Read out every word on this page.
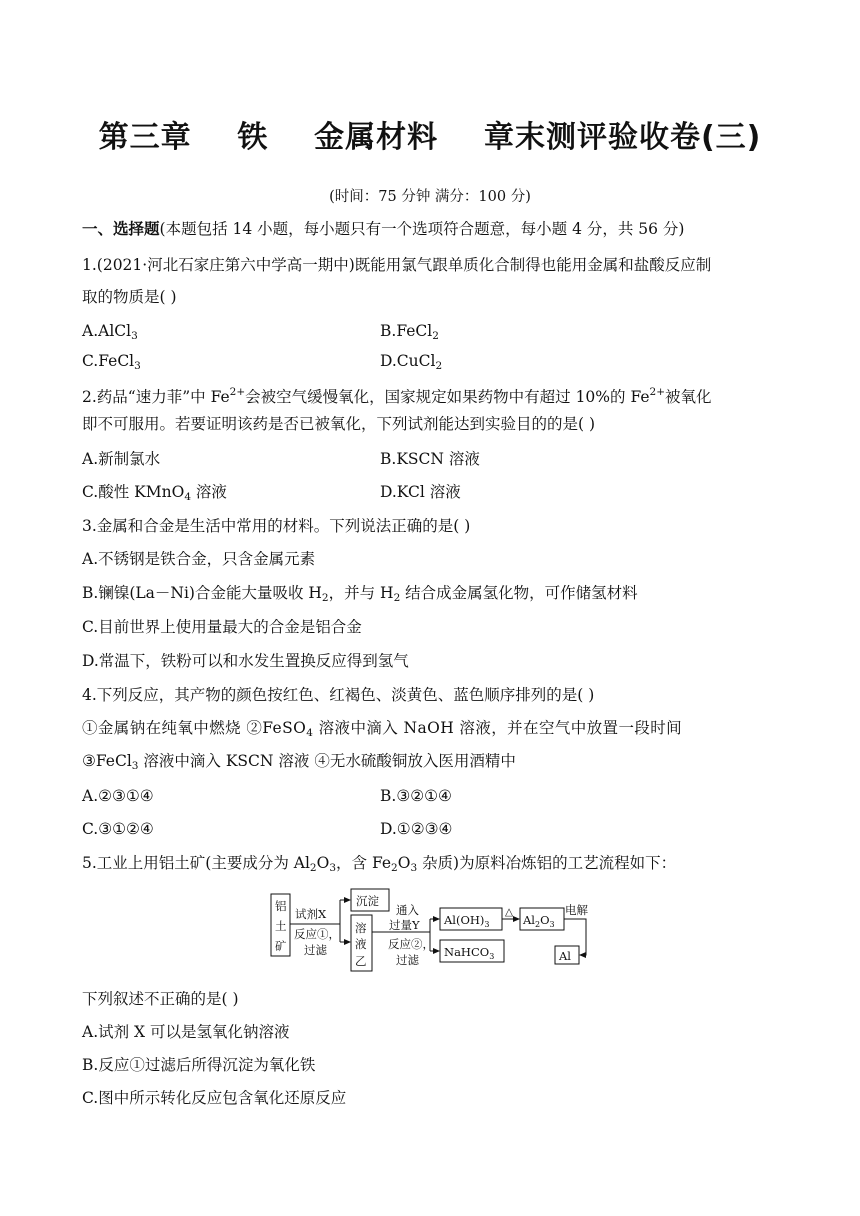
第三章    铁    金属材料    章末测评验收卷(三)
(时间：75 分钟 满分：100 分)
一、选择题(本题包括 14 小题，每小题只有一个选项符合题意，每小题 4 分，共 56 分)
1.(2021·河北石家庄第六中学高一期中)既能用氯气跟单质化合制得也能用金属和盐酸反应制
取的物质是( )
A.AlCl$_3$	B.FeCl$_2$
C.FeCl$_3$	D.CuCl$_2$
2.药品“速力菲”中 $Fe^{2+}$会被空气缓慢氧化，国家规定如果药物中有超过 10%的 $Fe^{2+}$被氧化
即不可服用。若要证明该药是否已被氧化，下列试剂能达到实验目的的是( )
A.新制氯水	B.KSCN 溶液
C.酸性 KMnO$_4$ 溶液	D.KCl 溶液
3.金属和合金是生活中常用的材料。下列说法正确的是( )
A.不锈钢是铁合金，只含金属元素
B.镧镍(La－Ni)合金能大量吸收 $H_2$，并与 $H_2$ 结合成金属氢化物，可作储氢材料
C.目前世界上使用量最大的合金是铝合金
D.常温下，铁粉可以和水发生置换反应得到氢气
4.下列反应，其产物的颜色按红色、红褐色、淡黄色、蓝色顺序排列的是( )
①金属钠在纯氧中燃烧 ②FeSO$_4$ 溶液中滴入 NaOH 溶液，并在空气中放置一段时间
③FeCl$_3$ 溶液中滴入 KSCN 溶液 ④无水硫酸铜放入医用酒精中
A.②③①④	B.③②①④
C.③①②④	D.①②③④
5.工业上用铝土矿(主要成分为 $Al_2O_3$，含 $Fe_2O_3$ 杂质)为原料冶炼铝的工艺流程如下：
铝
土
矿
试剂X
反应①，
过滤
沉淀
溶
液
乙
通入
过量Y
反应②，
过滤
$Al(OH)_3$
△
$Al_2O_3$
电解
NaHCO$_3$	Al
下列叙述不正确的是( )
A.试剂 X 可以是氢氧化钠溶液
B.反应①过滤后所得沉淀为氧化铁
C.图中所示转化反应包含氧化还原反应
